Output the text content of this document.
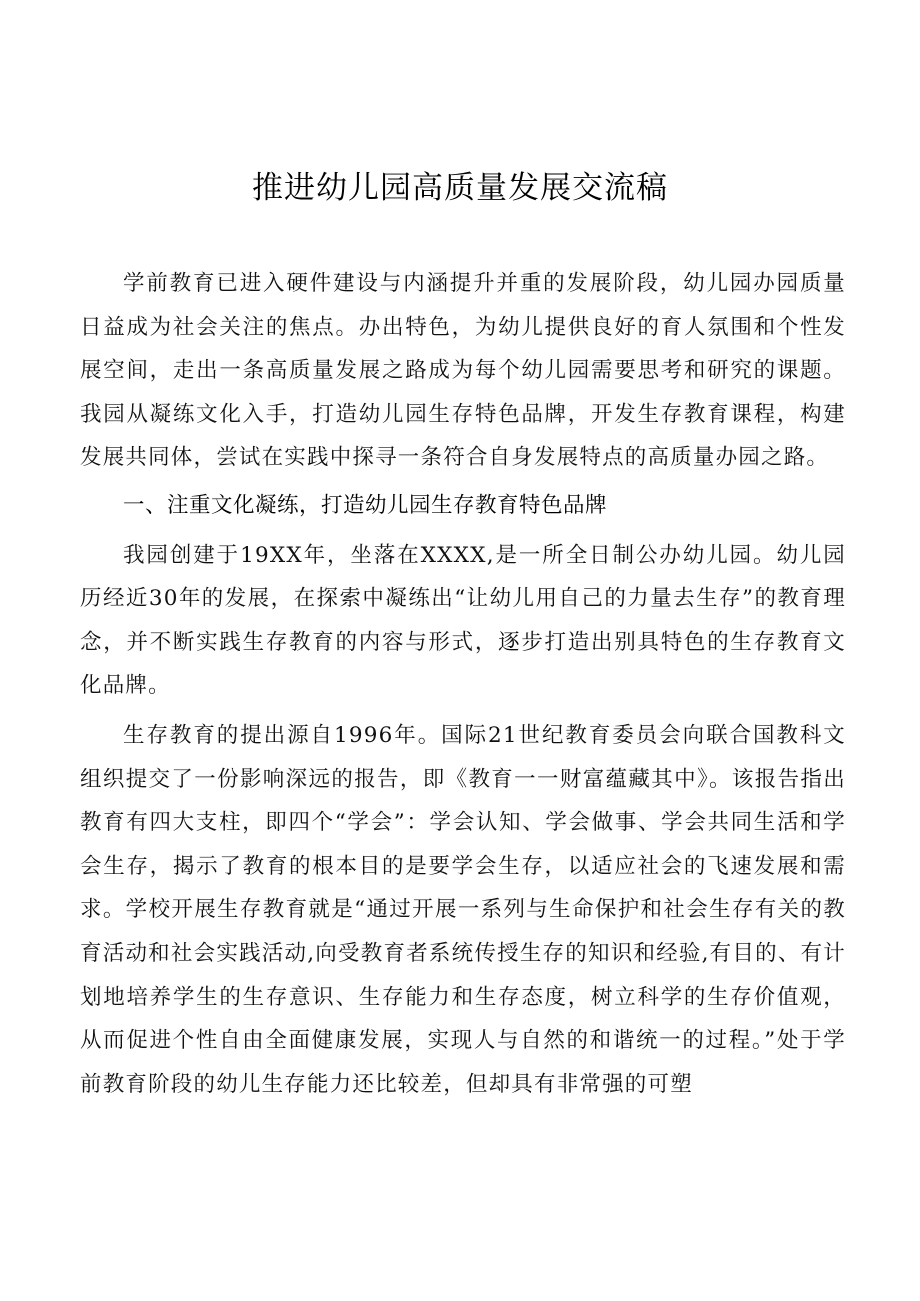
推进幼儿园高质量发展交流稿

学前教育已进入硬件建设与内涵提升并重的发展阶段，幼儿园办园质量日益成为社会关注的焦点。办出特色，为幼儿提供良好的育人氛围和个性发展空间，走出一条高质量发展之路成为每个幼儿园需要思考和研究的课题。我园从凝练文化入手，打造幼儿园生存特色品牌，开发生存教育课程，构建发展共同体，尝试在实践中探寻一条符合自身发展特点的高质量办园之路。

一、注重文化凝练，打造幼儿园生存教育特色品牌

我园创建于19XX年，坐落在XXXX,是一所全日制公办幼儿园。幼儿园历经近30年的发展，在探索中凝练出“让幼儿用自己的力量去生存”的教育理念，并不断实践生存教育的内容与形式，逐步打造出别具特色的生存教育文化品牌。

生存教育的提出源自1996年。国际21世纪教育委员会向联合国教科文组织提交了一份影响深远的报告，即《教育一一财富蕴藏其中》。该报告指出教育有四大支柱，即四个“学会”：学会认知、学会做事、学会共同生活和学会生存，揭示了教育的根本目的是要学会生存，以适应社会的飞速发展和需求。学校开展生存教育就是“通过开展一系列与生命保护和社会生存有关的教育活动和社会实践活动,向受教育者系统传授生存的知识和经验,有目的、有计划地培养学生的生存意识、生存能力和生存态度，树立科学的生存价值观，从而促进个性自由全面健康发展，实现人与自然的和谐统一的过程。”处于学前教育阶段的幼儿生存能力还比较差，但却具有非常强的可塑
